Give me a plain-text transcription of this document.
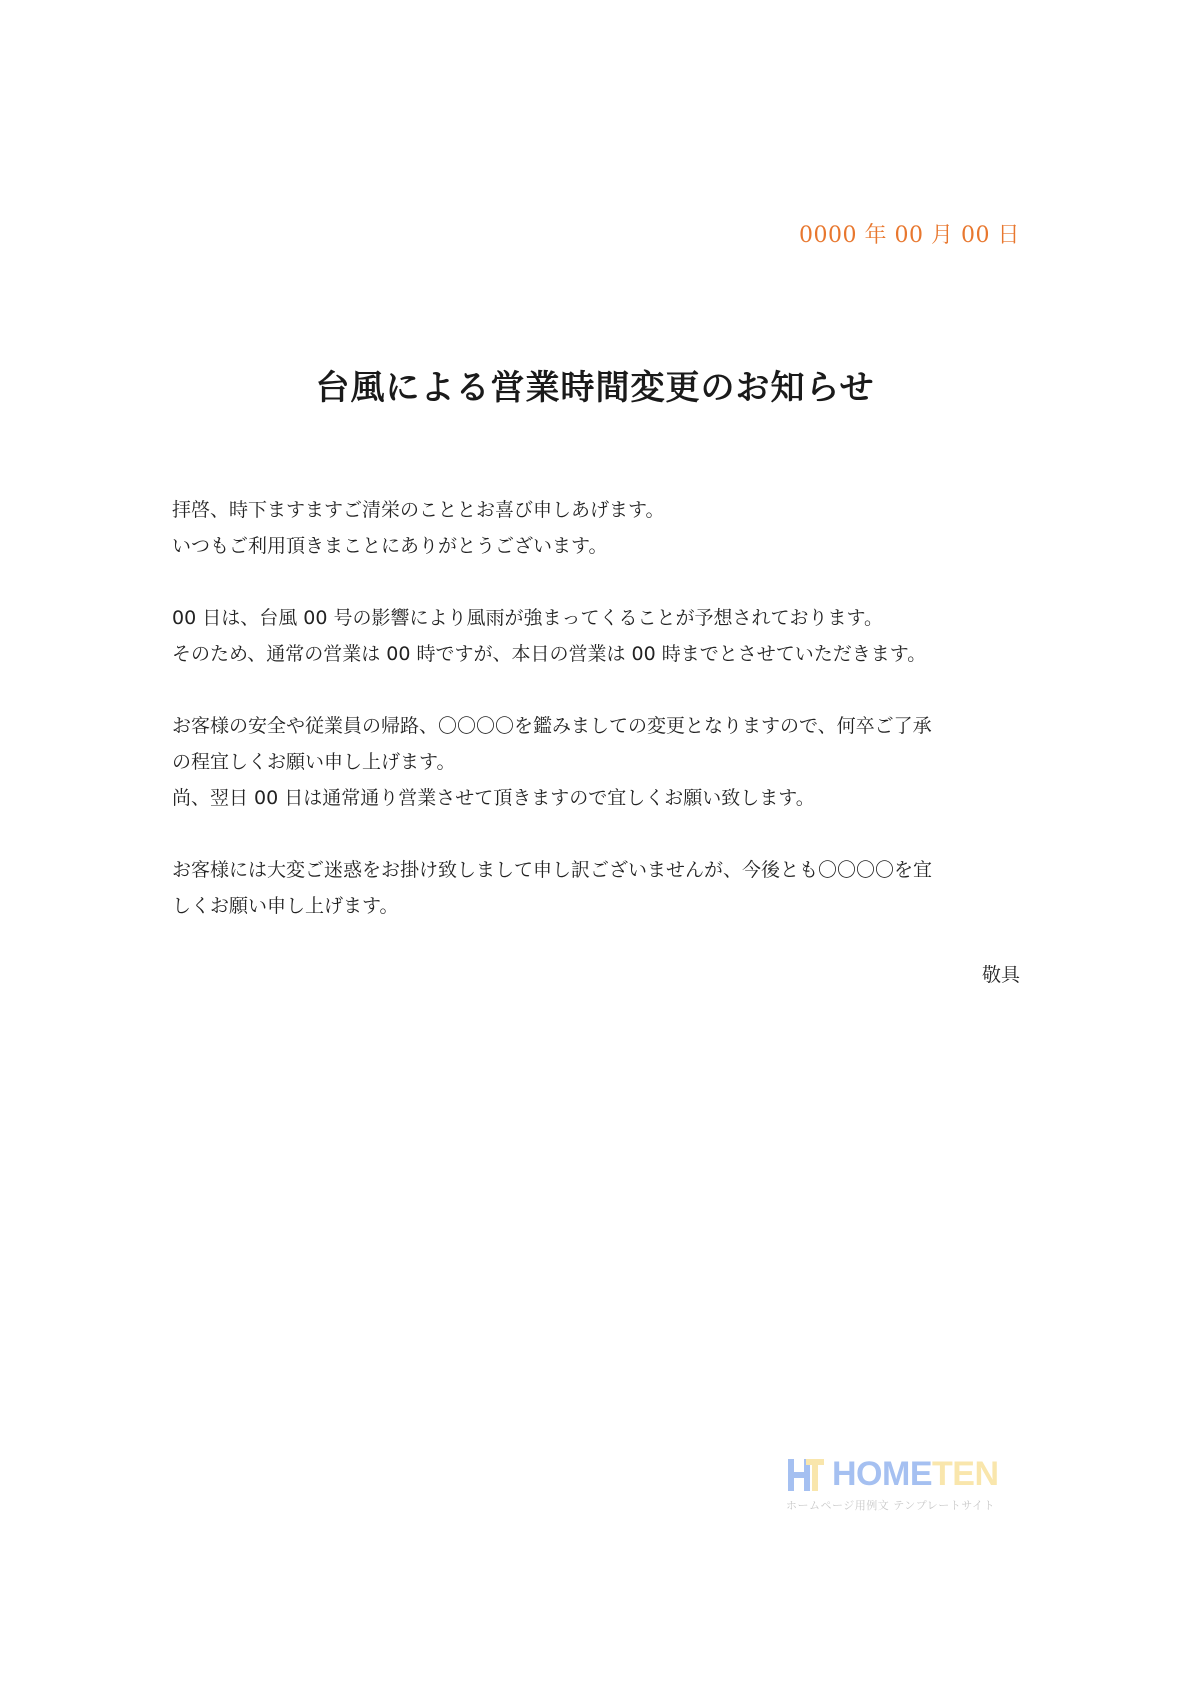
0000 年 00 月 00 日
台風による営業時間変更のお知らせ

拝啓、時下ますますご清栄のこととお喜び申しあげます。
いつもご利用頂きまことにありがとうございます。

00 日は、台風 00 号の影響により風雨が強まってくることが予想されております。
そのため、通常の営業は 00 時ですが、本日の営業は 00 時までとさせていただきます。

お客様の安全や従業員の帰路、〇〇〇〇を鑑みましての変更となりますので、何卒ご了承
の程宜しくお願い申し上げます。
尚、翌日 00 日は通常通り営業させて頂きますので宜しくお願い致します。

お客様には大変ご迷惑をお掛け致しまして申し訳ございませんが、今後とも〇〇〇〇を宜
しくお願い申し上げます。

敬具
HOMETEN
ホームページ用例文 テンプレートサイト
